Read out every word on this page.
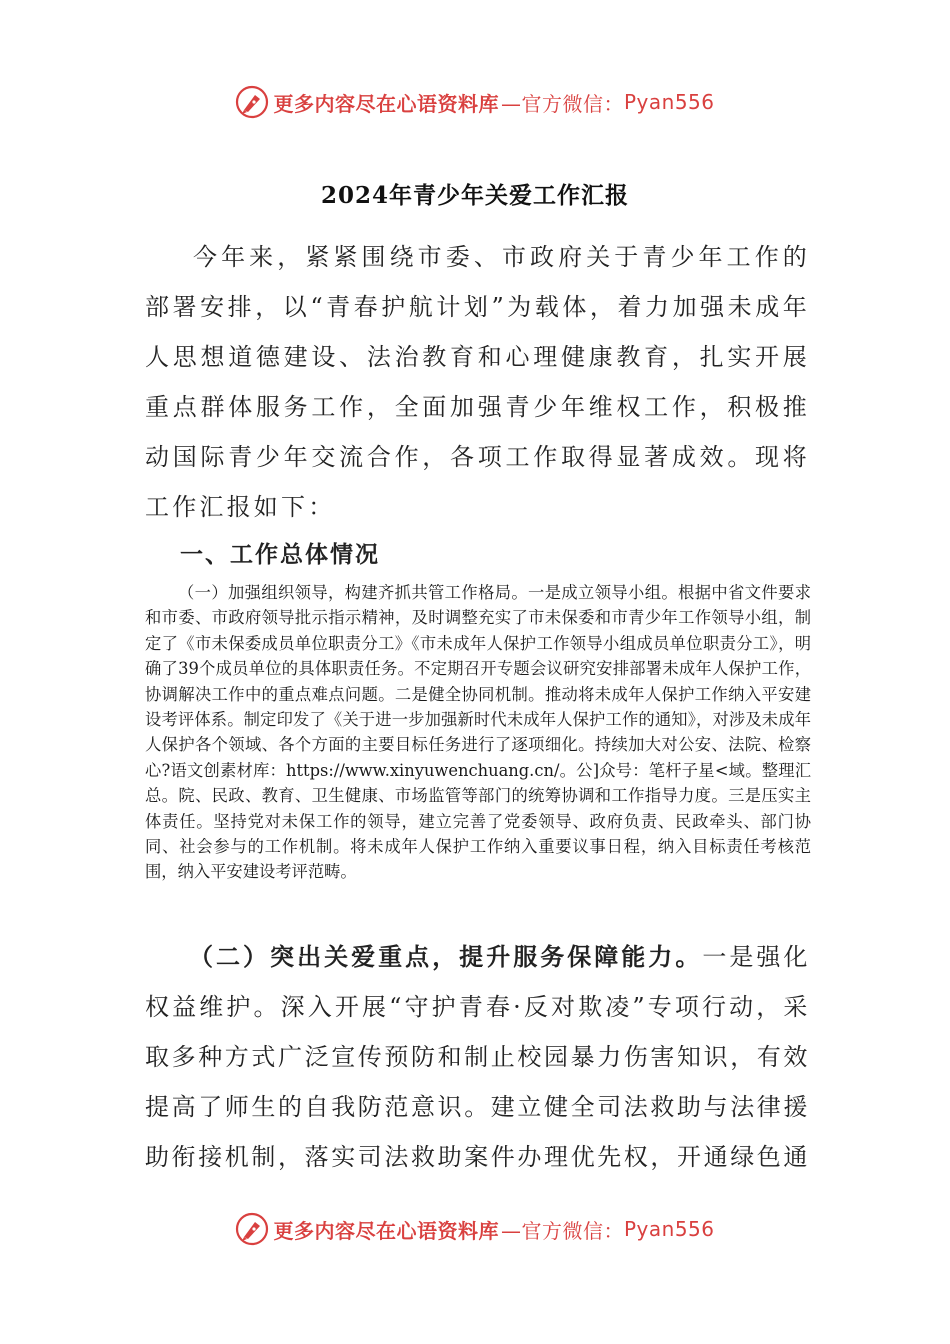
更多内容尽在心语资料库 —官方微信： Pyan556
2024年青少年关爱工作汇报

今年来，紧紧围绕市委、市政府关于青少年工作的部署安排，以“青春护航计划”为载体，着力加强未成年人思想道德建设、法治教育和心理健康教育，扎实开展重点群体服务工作，全面加强青少年维权工作，积极推动国际青少年交流合作，各项工作取得显著成效。现将工作汇报如下：

一、工作总体情况

（一）加强组织领导，构建齐抓共管工作格局。一是成立领导小组。根据中省文件要求和市委、市政府领导批示指示精神，及时调整充实了市未保委和市青少年工作领导小组，制定了《市未保委成员单位职责分工》《市未成年人保护工作领导小组成员单位职责分工》，明确了39个成员单位的具体职责任务。不定期召开专题会议研究安排部署未成年人保护工作，协调解决工作中的重点难点问题。二是健全协同机制。推动将未成年人保护工作纳入平安建设考评体系。制定印发了《关于进一步加强新时代未成年人保护工作的通知》，对涉及未成年人保护各个领域、各个方面的主要目标任务进行了逐项细化。持续加大对公安、法院、检察心?语文创素材库：https://www.xinyuwenchuang.cn/。公]众号：笔杆子星<域。整理汇总。院、民政、教育、卫生健康、市场监管等部门的统筹协调和工作指导力度。三是压实主体责任。坚持党对未保工作的领导，建立完善了党委领导、政府负责、民政牵头、部门协同、社会参与的工作机制。将未成年人保护工作纳入重要议事日程，纳入目标责任考核范围，纳入平安建设考评范畴。

（二）突出关爱重点，提升服务保障能力。一是强化权益维护。深入开展“守护青春·反对欺凌”专项行动，采取多种方式广泛宣传预防和制止校园暴力伤害知识，有效提高了师生的自我防范意识。建立健全司法救助与法律援助衔接机制，落实司法救助案件办理优先权，开通绿色通

更多内容尽在心语资料库 —官方微信： Pyan556
